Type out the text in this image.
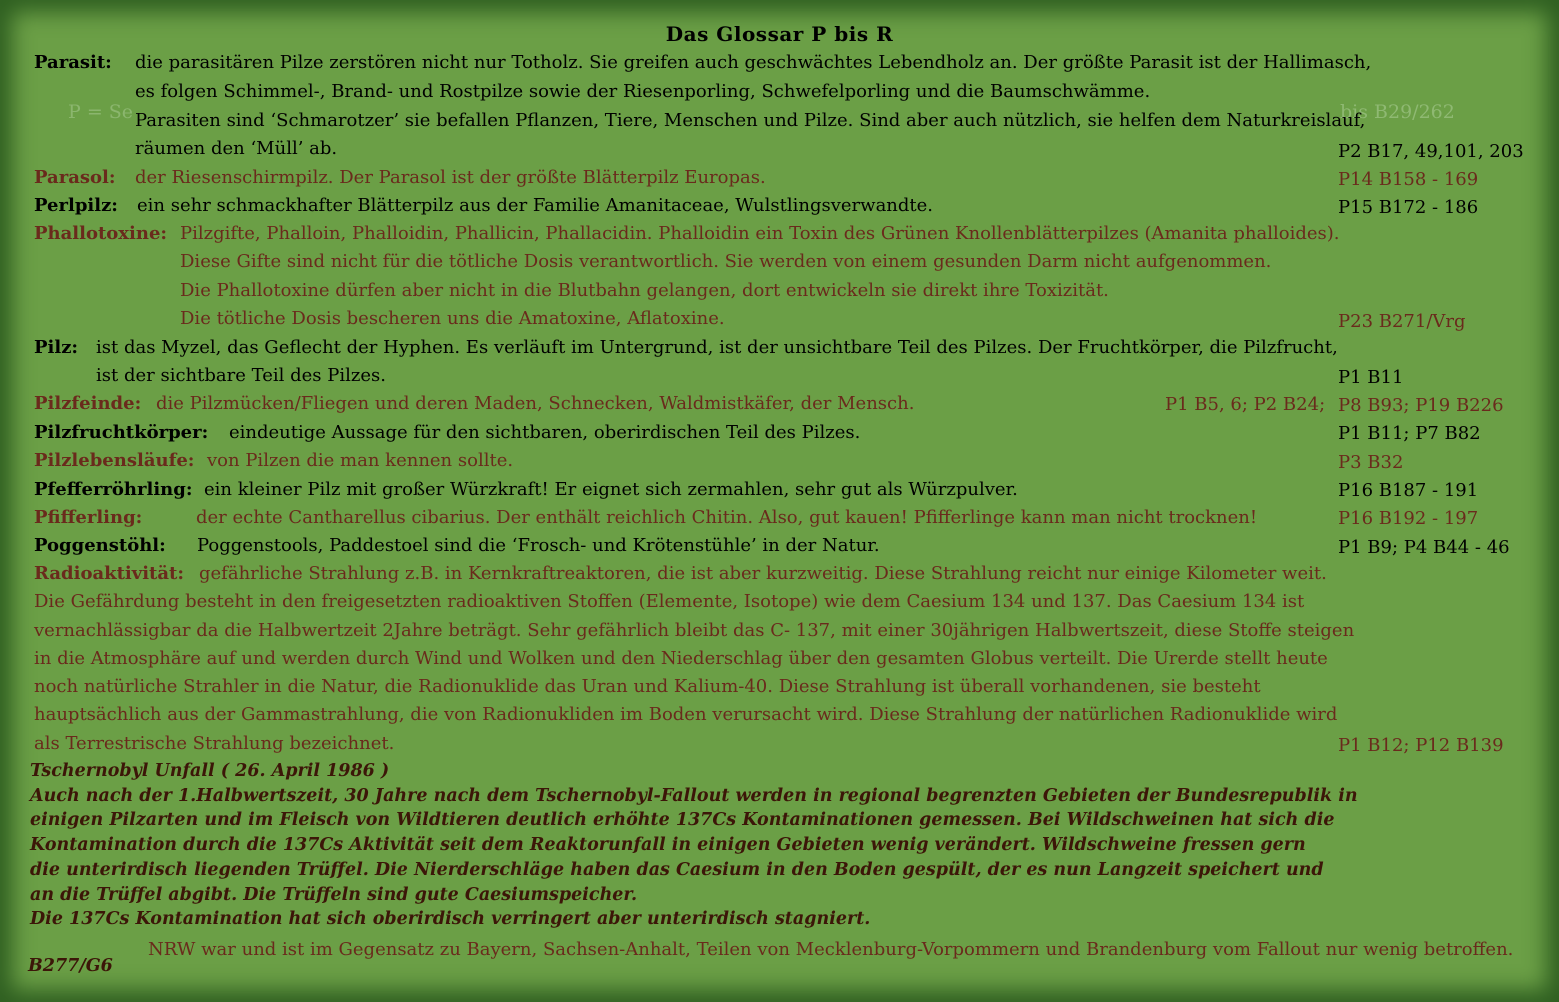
Das Glossar P bis R
P = Se	bis B29/262
Parasit: die parasitären Pilze zerstören nicht nur Totholz. Sie greifen auch geschwächtes Lebendholz an. Der größte Parasit ist der Hallimasch,
es folgen Schimmel-, Brand- und Rostpilze sowie der Riesenporling, Schwefelporling und die Baumschwämme.
Parasiten sind ‘Schmarotzer’ sie befallen Pflanzen, Tiere, Menschen und Pilze. Sind aber auch nützlich, sie helfen dem Naturkreislauf,
räumen den ‘Müll’ ab.	P2 B17, 49,101, 203
Parasol: der Riesenschirmpilz. Der Parasol ist der größte Blätterpilz Europas.	P14 B158 - 169
Perlpilz: ein sehr schmackhafter Blätterpilz aus der Familie Amanitaceae, Wulstlingsverwandte.	P15 B172 - 186
Phallotoxine: Pilzgifte, Phalloin, Phalloidin, Phallicin, Phallacidin. Phalloidin ein Toxin des Grünen Knollenblätterpilzes (Amanita phalloides).
Diese Gifte sind nicht für die tötliche Dosis verantwortlich. Sie werden von einem gesunden Darm nicht aufgenommen.
Die Phallotoxine dürfen aber nicht in die Blutbahn gelangen, dort entwickeln sie direkt ihre Toxizität.
Die tötliche Dosis bescheren uns die Amatoxine, Aflatoxine.	P23 B271/Vrg
Pilz: ist das Myzel, das Geflecht der Hyphen. Es verläuft im Untergrund, ist der unsichtbare Teil des Pilzes. Der Fruchtkörper, die Pilzfrucht,
ist der sichtbare Teil des Pilzes.	P1 B11
Pilzfeinde: die Pilzmücken/Fliegen und deren Maden, Schnecken, Waldmistkäfer, der Mensch.	P1 B5, 6; P2 B24; P8 B93; P19 B226
Pilzfruchtkörper: eindeutige Aussage für den sichtbaren, oberirdischen Teil des Pilzes.	P1 B11; P7 B82
Pilzlebensläufe: von Pilzen die man kennen sollte.	P3 B32
Pfefferröhrling: ein kleiner Pilz mit großer Würzkraft! Er eignet sich zermahlen, sehr gut als Würzpulver.	P16 B187 - 191
Pfifferling:	der echte Cantharellus cibarius. Der enthält reichlich Chitin. Also, gut kauen! Pfifferlinge kann man nicht trocknen!	P16 B192 - 197
Poggenstöhl: Poggenstools, Paddestoel sind die ‘Frosch- und Krötenstühle’ in der Natur.	P1 B9; P4 B44 - 46
Radioaktivität: gefährliche Strahlung z.B. in Kernkraftreaktoren, die ist aber kurzweitig. Diese Strahlung reicht nur einige Kilometer weit.
Die Gefährdung besteht in den freigesetzten radioaktiven Stoffen (Elemente, Isotope) wie dem Caesium 134 und 137. Das Caesium 134 ist
vernachlässigbar da die Halbwertzeit 2Jahre beträgt. Sehr gefährlich bleibt das C- 137, mit einer 30jährigen Halbwertszeit, diese Stoffe steigen
in die Atmosphäre auf und werden durch Wind und Wolken und den Niederschlag über den gesamten Globus verteilt. Die Urerde stellt heute
noch natürliche Strahler in die Natur, die Radionuklide das Uran und Kalium-40. Diese Strahlung ist überall vorhandenen, sie besteht
hauptsächlich aus der Gammastrahlung, die von Radionukliden im Boden verursacht wird. Diese Strahlung der natürlichen Radionuklide wird
als Terrestrische Strahlung bezeichnet.	P1 B12; P12 B139
Tschernobyl Unfall ( 26. April 1986 )
Auch nach der 1.Halbwertszeit, 30 Jahre nach dem Tschernobyl-Fallout werden in regional begrenzten Gebieten der Bundesrepublik in
einigen Pilzarten und im Fleisch von Wildtieren deutlich erhöhte 137Cs Kontaminationen gemessen. Bei Wildschweinen hat sich die
Kontamination durch die 137Cs Aktivität seit dem Reaktorunfall in einigen Gebieten wenig verändert. Wildschweine fressen gern
die unterirdisch liegenden Trüffel. Die Nierderschläge haben das Caesium in den Boden gespült, der es nun Langzeit speichert und
an die Trüffel abgibt. Die Trüffeln sind gute Caesiumspeicher.
Die 137Cs Kontamination hat sich oberirdisch verringert aber unterirdisch stagniert.
NRW war und ist im Gegensatz zu Bayern, Sachsen-Anhalt, Teilen von Mecklenburg-Vorpommern und Brandenburg vom Fallout nur wenig betroffen.
B277/G6
